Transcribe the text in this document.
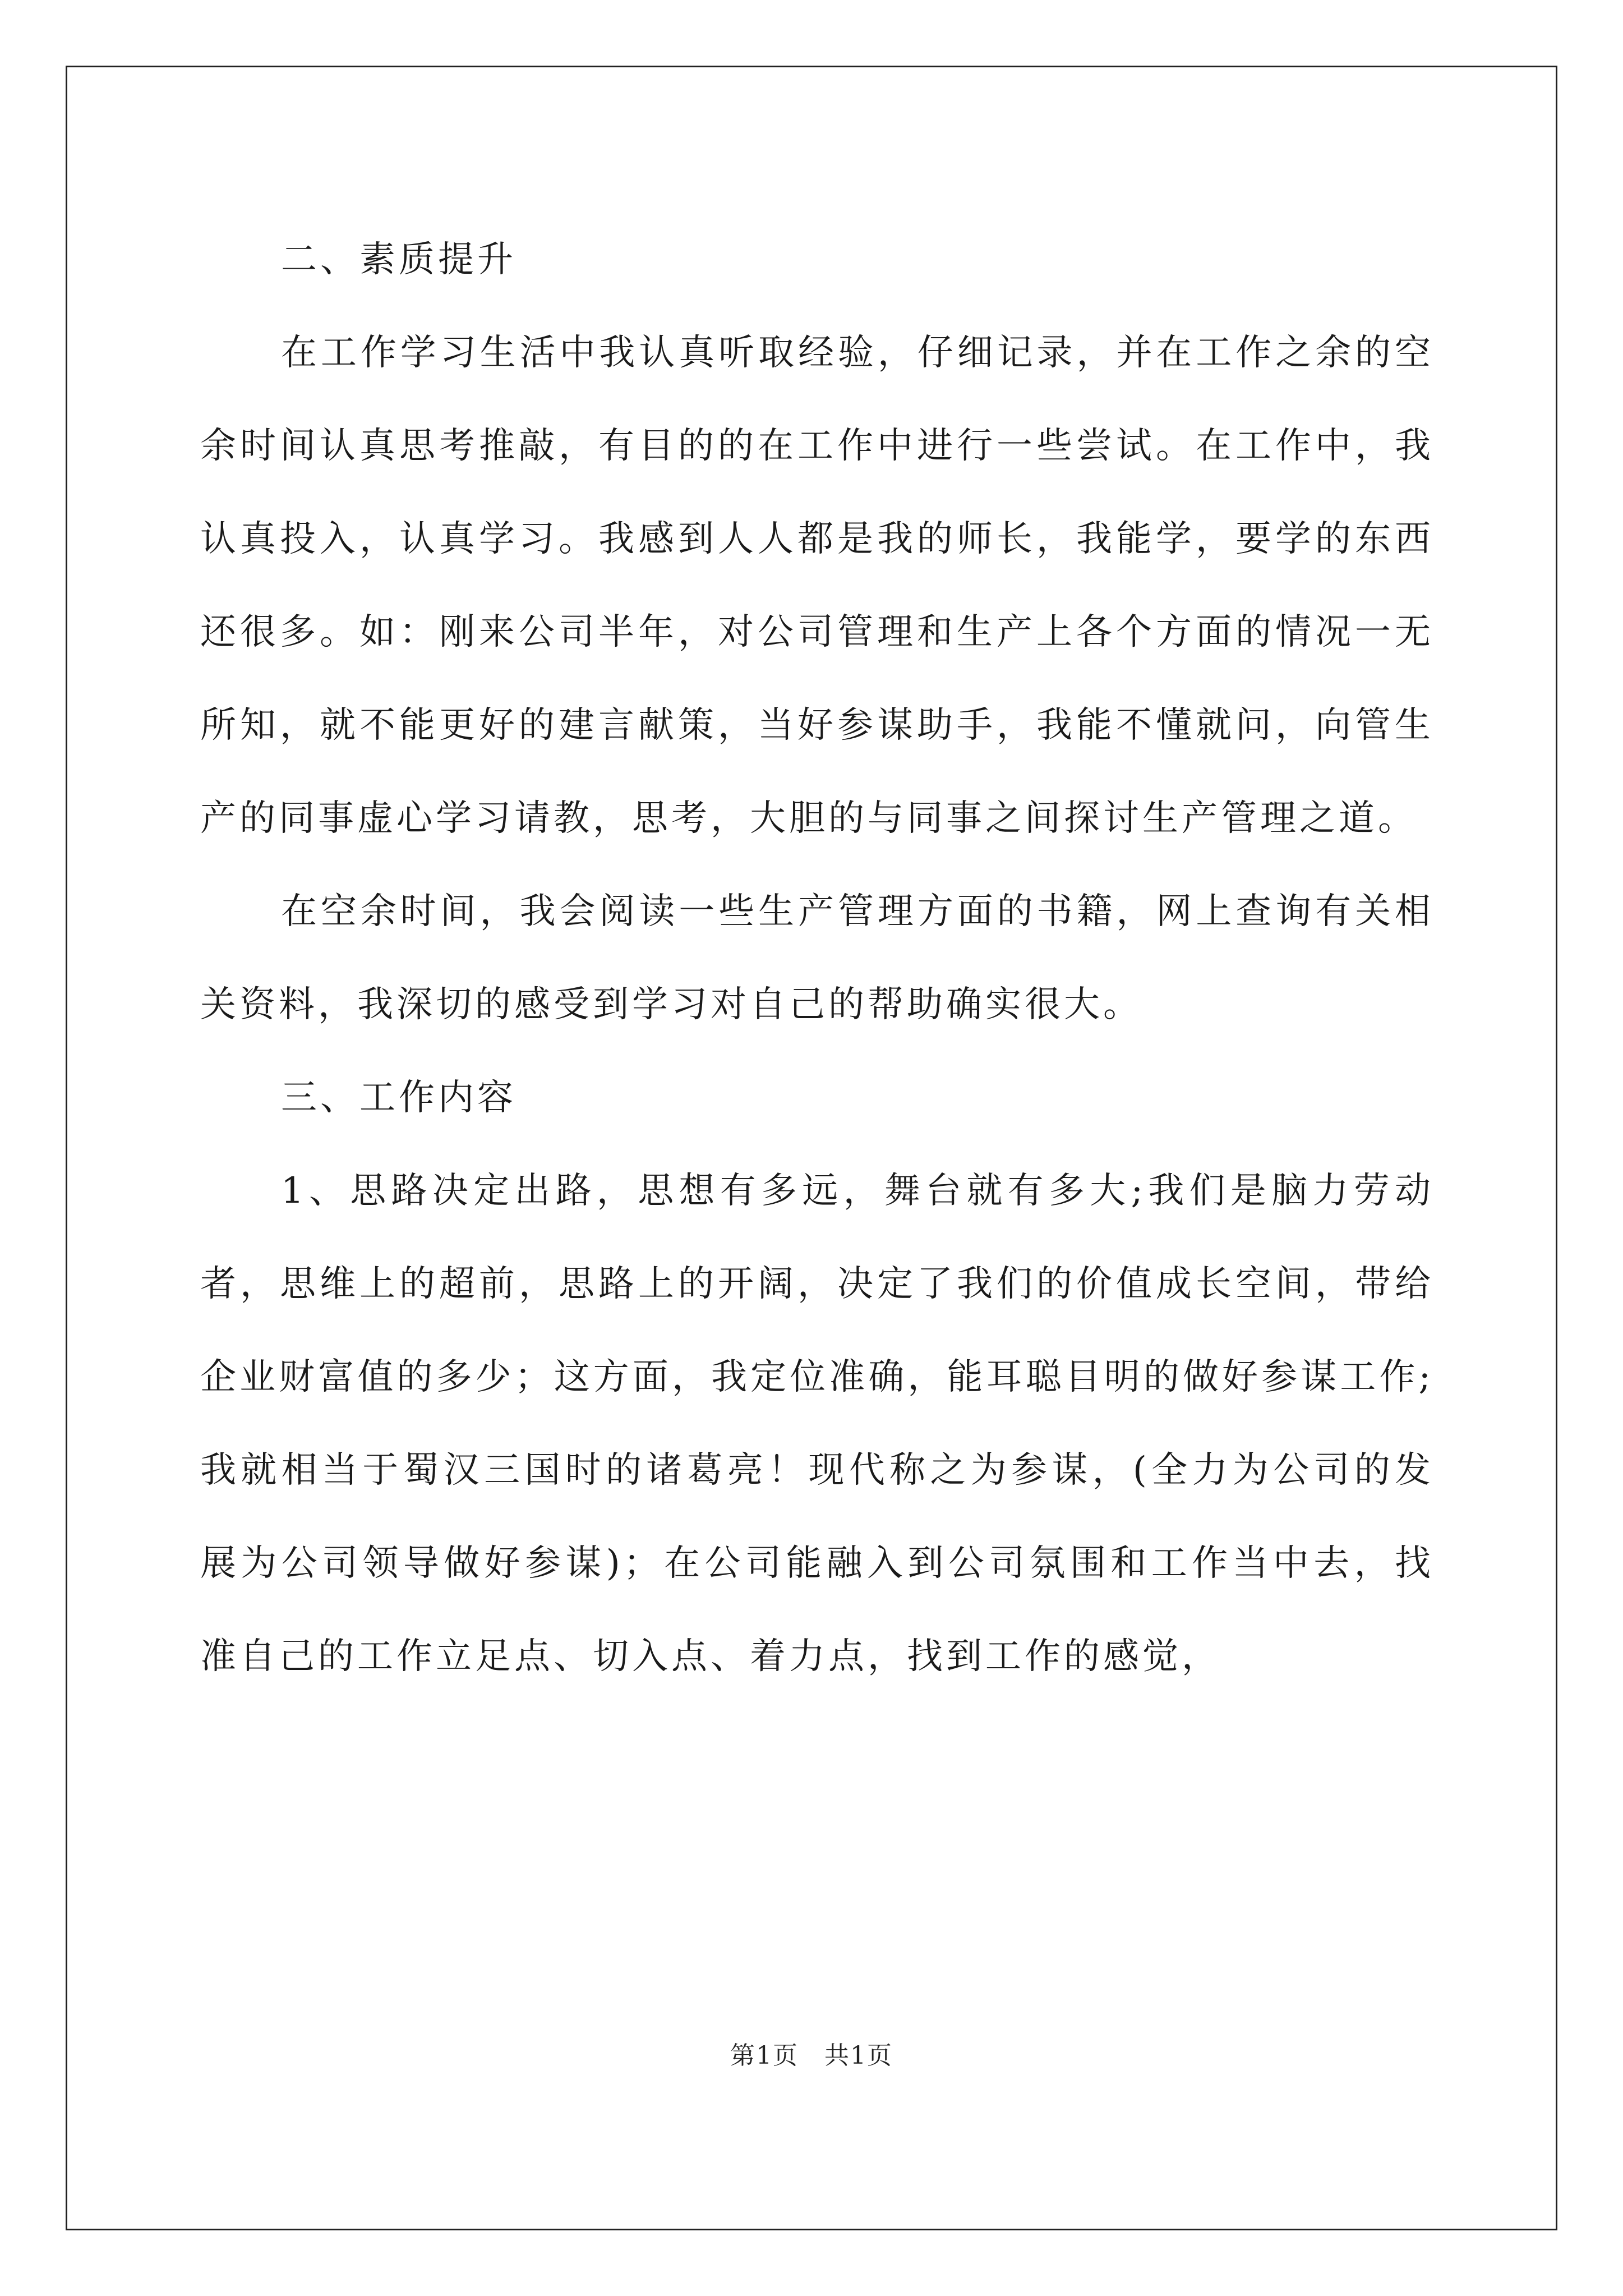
二、素质提升

在工作学习生活中我认真听取经验，仔细记录，并在工作之余的空余时间认真思考推敲，有目的的在工作中进行一些尝试。在工作中，我认真投入，认真学习。我感到人人都是我的师长，我能学，要学的东西还很多。如：刚来公司半年，对公司管理和生产上各个方面的情况一无所知，就不能更好的建言献策，当好参谋助手，我能不懂就问，向管生产的同事虚心学习请教，思考，大胆的与同事之间探讨生产管理之道。

在空余时间，我会阅读一些生产管理方面的书籍，网上查询有关相关资料，我深切的感受到学习对自己的帮助确实很大。

三、工作内容

1、思路决定出路，思想有多远，舞台就有多大;我们是脑力劳动者，思维上的超前，思路上的开阔，决定了我们的价值成长空间，带给企业财富值的多少；这方面，我定位准确，能耳聪目明的做好参谋工作;我就相当于蜀汉三国时的诸葛亮！现代称之为参谋，(全力为公司的发展为公司领导做好参谋)；在公司能融入到公司氛围和工作当中去，找准自己的工作立足点、切入点、着力点，找到工作的感觉，

第1页　共1页
